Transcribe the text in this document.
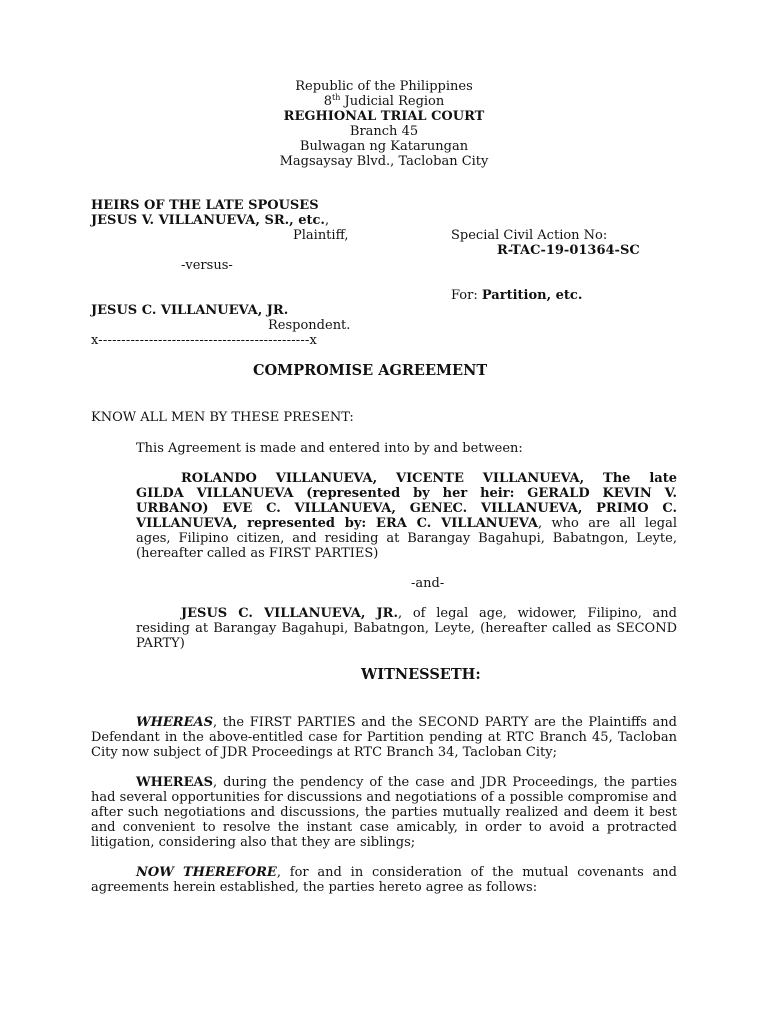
Republic of the Philippines
8th Judicial Region
REGHIONAL TRIAL COURT
Branch 45
Bulwagan ng Katarungan
Magsaysay Blvd., Tacloban City
HEIRS OF THE LATE SPOUSES
JESUS V. VILLANUEVA, SR., etc.,
Plaintiff,	Special Civil Action No:
R-TAC-19-01364-SC
-versus-
For: Partition, etc.
JESUS C. VILLANUEVA, JR.
Respondent.
x----------------------------------------------x
COMPROMISE AGREEMENT
KNOW ALL MEN BY THESE PRESENT:
This Agreement is made and entered into by and between:
ROLANDO VILLANUEVA, VICENTE VILLANUEVA, The late
GILDA VILLANUEVA (represented by her heir: GERALD KEVIN V.
URBANO) EVE C. VILLANUEVA, GENEC. VILLANUEVA, PRIMO C.
VILLANUEVA, represented by: ERA C. VILLANUEVA, who are all legal
ages, Filipino citizen, and residing at Barangay Bagahupi, Babatngon, Leyte,
(hereafter called as FIRST PARTIES)
-and-
JESUS C. VILLANUEVA, JR., of legal age, widower, Filipino, and
residing at Barangay Bagahupi, Babatngon, Leyte, (hereafter called as SECOND
PARTY)
WITNESSETH:
WHEREAS, the FIRST PARTIES and the SECOND PARTY are the Plaintiffs and
Defendant in the above-entitled case for Partition pending at RTC Branch 45, Tacloban
City now subject of JDR Proceedings at RTC Branch 34, Tacloban City;
WHEREAS, during the pendency of the case and JDR Proceedings, the parties
had several opportunities for discussions and negotiations of a possible compromise and
after such negotiations and discussions, the parties mutually realized and deem it best
and convenient to resolve the instant case amicably, in order to avoid a protracted
litigation, considering also that they are siblings;
NOW THEREFORE, for and in consideration of the mutual covenants and
agreements herein established, the parties hereto agree as follows:
